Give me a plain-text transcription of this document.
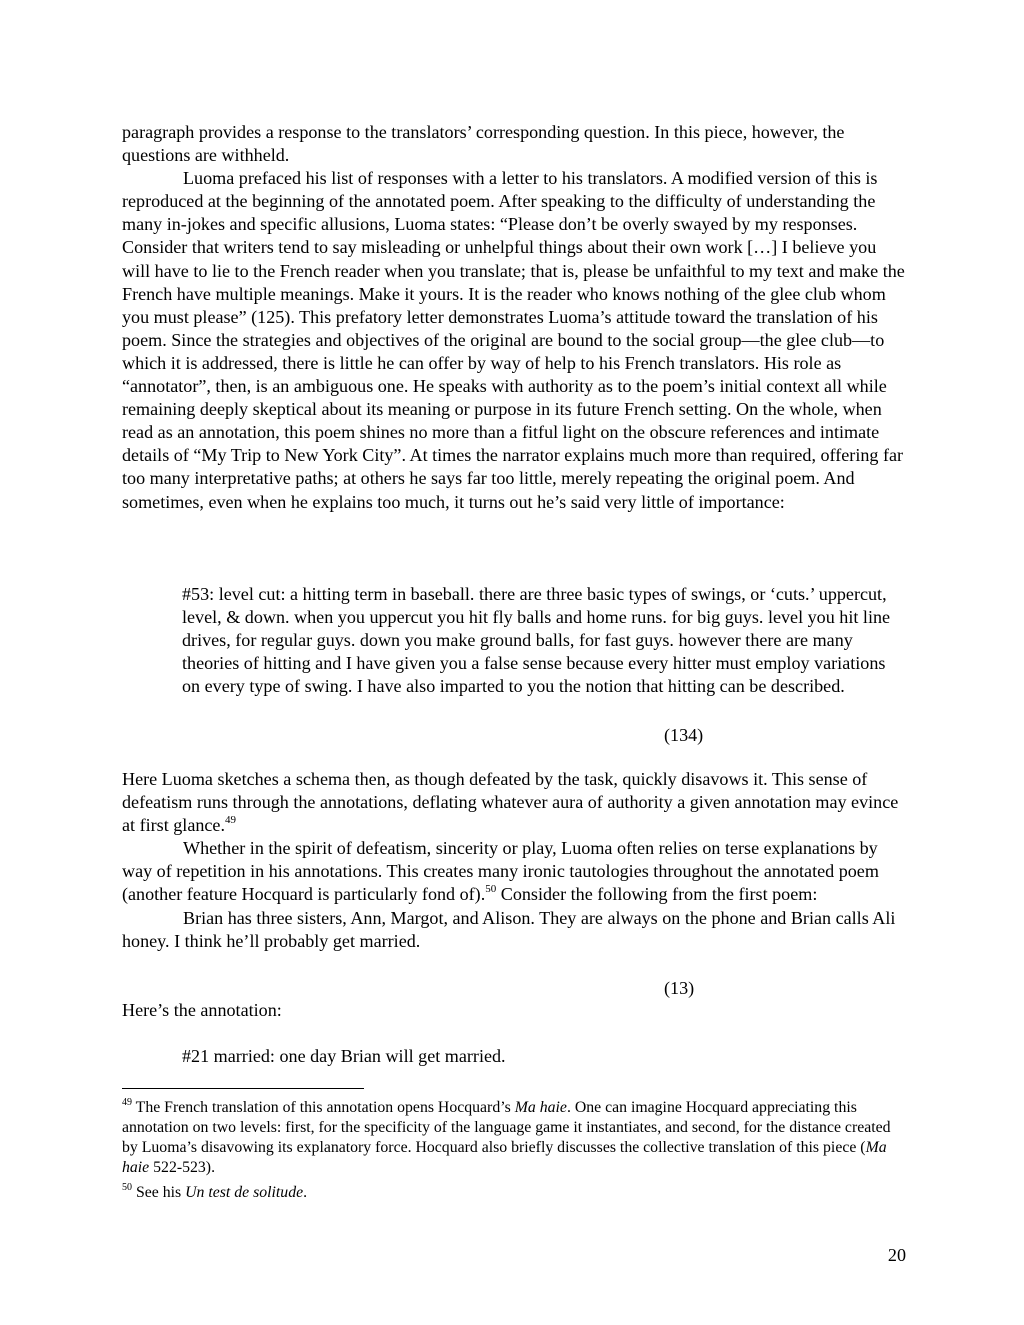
paragraph provides a response to the translators’ corresponding question. In this piece, however, the questions are withheld.

Luoma prefaced his list of responses with a letter to his translators. A modified version of this is reproduced at the beginning of the annotated poem. After speaking to the difficulty of understanding the many in-jokes and specific allusions, Luoma states: “Please don’t be overly swayed by my responses. Consider that writers tend to say misleading or unhelpful things about their own work […] I believe you will have to lie to the French reader when you translate; that is, please be unfaithful to my text and make the French have multiple meanings. Make it yours. It is the reader who knows nothing of the glee club whom you must please” (125). This prefatory letter demonstrates Luoma’s attitude toward the translation of his poem. Since the strategies and objectives of the original are bound to the social group—the glee club—to which it is addressed, there is little he can offer by way of help to his French translators. His role as “annotator”, then, is an ambiguous one. He speaks with authority as to the poem’s initial context all while remaining deeply skeptical about its meaning or purpose in its future French setting. On the whole, when read as an annotation, this poem shines no more than a fitful light on the obscure references and intimate details of “My Trip to New York City”. At times the narrator explains much more than required, offering far too many interpretative paths; at others he says far too little, merely repeating the original poem. And sometimes, even when he explains too much, it turns out he’s said very little of importance:

#53: level cut: a hitting term in baseball. there are three basic types of swings, or ‘cuts.’ uppercut, level, & down. when you uppercut you hit fly balls and home runs. for big guys. level you hit line drives, for regular guys. down you make ground balls, for fast guys. however there are many theories of hitting and I have given you a false sense because every hitter must employ variations on every type of swing. I have also imparted to you the notion that hitting can be described.
(134)

Here Luoma sketches a schema then, as though defeated by the task, quickly disavows it. This sense of defeatism runs through the annotations, deflating whatever aura of authority a given annotation may evince at first glance.$^{49}$

Whether in the spirit of defeatism, sincerity or play, Luoma often relies on terse explanations by way of repetition in his annotations. This creates many ironic tautologies throughout the annotated poem (another feature Hocquard is particularly fond of).$^{50}$ Consider the following from the first poem:

Brian has three sisters, Ann, Margot, and Alison. They are always on the phone and Brian calls Ali honey. I think he’ll probably get married.

(13)
Here’s the annotation:
#21 married: one day Brian will get married.
$^{49}$ The French translation of this annotation opens Hocquard’s Ma haie. One can imagine Hocquard appreciating this annotation on two levels: first, for the specificity of the language game it instantiates, and second, for the distance created by Luoma’s disavowing its explanatory force. Hocquard also briefly discusses the collective translation of this piece (Ma haie 522-523).
$^{50}$ See his Un test de solitude.
20
